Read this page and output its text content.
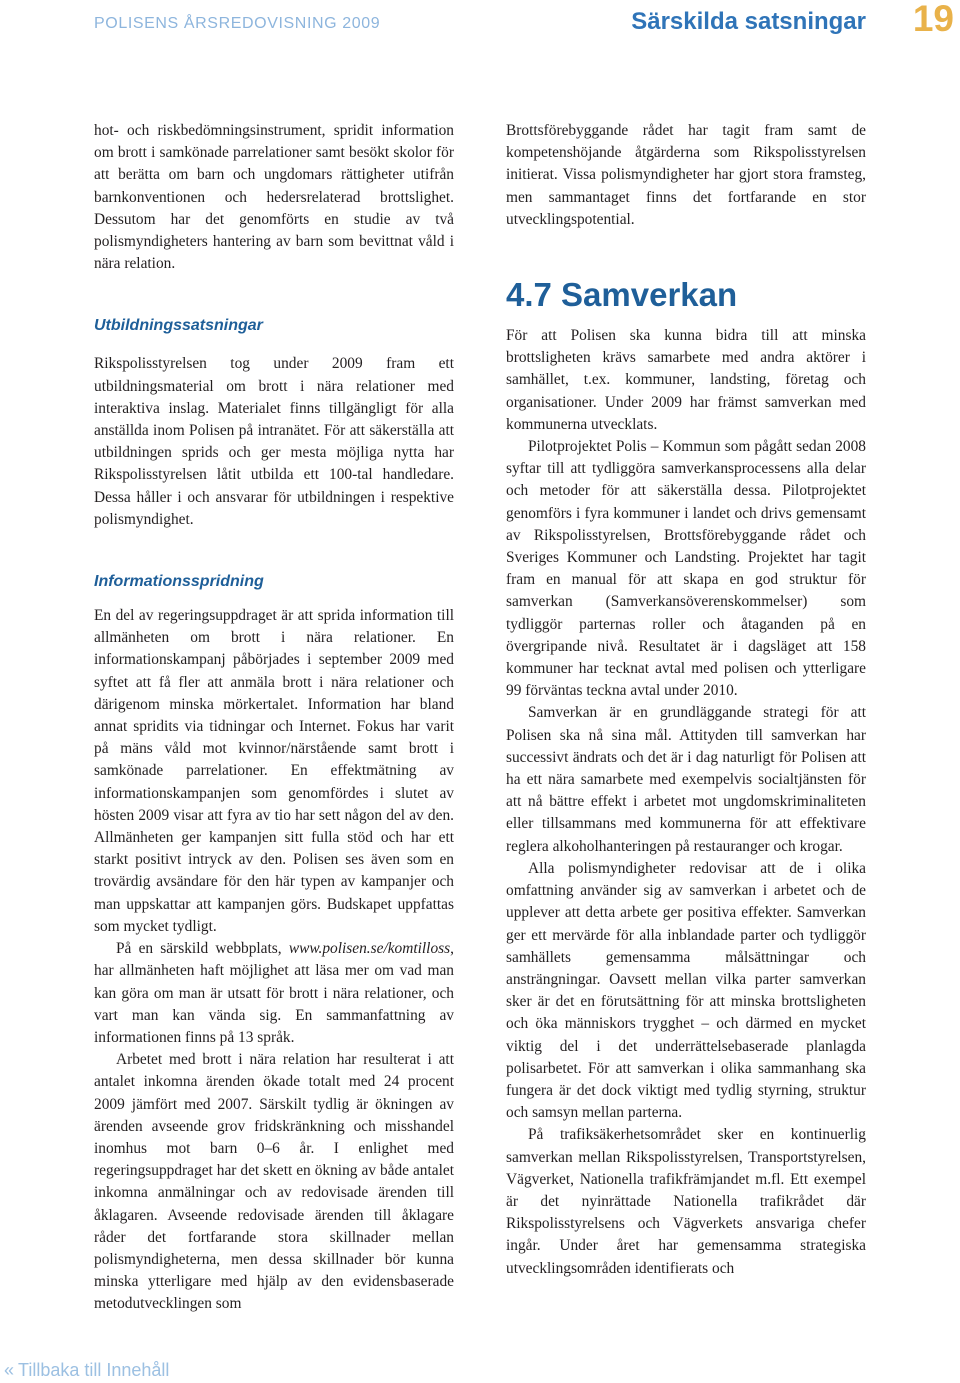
POLISENS ÅRSREDOVISNING 2009	Särskilda satsningar 19

hot- och riskbedömningsinstrument, spridit information om brott i samkönade parrelationer samt besökt skolor för att berätta om barn och ungdomars rättigheter utifrån barnkonventionen och hedersrelaterad brottslighet. Dessutom har det genomförts en studie av två polismyndigheters hantering av barn som bevittnat våld i nära relation.

Utbildningssatsningar

Rikspolisstyrelsen tog under 2009 fram ett utbildningsmaterial om brott i nära relationer med interaktiva inslag. Materialet finns tillgängligt för alla anställda inom Polisen på intranätet. För att säkerställa att utbildningen sprids och ger mesta möjliga nytta har Rikspolisstyrelsen låtit utbilda ett 100-tal handledare. Dessa håller i och ansvarar för utbildningen i respektive polismyndighet.

Informationsspridning

En del av regeringsuppdraget är att sprida information till allmänheten om brott i nära relationer. En informationskampanj påbörjades i september 2009 med syftet att få fler att anmäla brott i nära relationer och därigenom minska mörkertalet. Information har bland annat spridits via tidningar och Internet. Fokus har varit på mäns våld mot kvinnor/närstående samt brott i samkönade parrelationer. En effektmätning av informationskampanjen som genomfördes i slutet av hösten 2009 visar att fyra av tio har sett någon del av den. Allmänheten ger kampanjen sitt fulla stöd och har ett starkt positivt intryck av den. Polisen ses även som en trovärdig avsändare för den här typen av kampanjer och man uppskattar att kampanjen görs. Budskapet uppfattas som mycket tydligt.

På en särskild webbplats, www.polisen.se/komtilloss, har allmänheten haft möjlighet att läsa mer om vad man kan göra om man är utsatt för brott i nära relationer, och vart man kan vända sig. En sammanfattning av informationen finns på 13 språk.

Arbetet med brott i nära relation har resulterat i att antalet inkomna ärenden ökade totalt med 24 procent 2009 jämfört med 2007. Särskilt tydlig är ökningen av ärenden avseende grov fridskränkning och misshandel inomhus mot barn 0–6 år. I enlighet med regeringsuppdraget har det skett en ökning av både antalet inkomna anmälningar och av redovisade ärenden till åklagaren. Avseende redovisade ärenden till åklagare råder det fortfarande stora skillnader mellan polismyndigheterna, men dessa skillnader bör kunna minska ytterligare med hjälp av den evidensbaserade metodutvecklingen som

Brottsförebyggande rådet har tagit fram samt de kompetenshöjande åtgärderna som Rikspolisstyrelsen initierat. Vissa polismyndigheter har gjort stora framsteg, men sammantaget finns det fortfarande en stor utvecklingspotential.

4.7 Samverkan

För att Polisen ska kunna bidra till att minska brottsligheten krävs samarbete med andra aktörer i samhället, t.ex. kommuner, landsting, företag och organisationer. Under 2009 har främst samverkan med kommunerna utvecklats.

Pilotprojektet Polis – Kommun som pågått sedan 2008 syftar till att tydliggöra samverkansprocessens alla delar och metoder för att säkerställa dessa. Pilotprojektet genomförs i fyra kommuner i landet och drivs gemensamt av Rikspolisstyrelsen, Brottsförebyggande rådet och Sveriges Kommuner och Landsting. Projektet har tagit fram en manual för att skapa en god struktur för samverkan (Samverkansöverenskommelser) som tydliggör parternas roller och åtaganden på en övergripande nivå. Resultatet är i dagsläget att 158 kommuner har tecknat avtal med polisen och ytterligare 99 förväntas teckna avtal under 2010.

Samverkan är en grundläggande strategi för att Polisen ska nå sina mål. Attityden till samverkan har successivt ändrats och det är i dag naturligt för Polisen att ha ett nära samarbete med exempelvis socialtjänsten för att nå bättre effekt i arbetet mot ungdomskriminaliteten eller tillsammans med kommunerna för att effektivare reglera alkoholhanteringen på restauranger och krogar.

Alla polismyndigheter redovisar att de i olika omfattning använder sig av samverkan i arbetet och de upplever att detta arbete ger positiva effekter. Samverkan ger ett mervärde för alla inblandade parter och tydliggör samhällets gemensamma målsättningar och ansträngningar. Oavsett mellan vilka parter samverkan sker är det en förutsättning för att minska brottsligheten och öka människors trygghet – och därmed en mycket viktig del i det underrättelsebaserade planlagda polisarbetet. För att samverkan i olika sammanhang ska fungera är det dock viktigt med tydlig styrning, struktur och samsyn mellan parterna.

På trafiksäkerhetsområdet sker en kontinuerlig samverkan mellan Rikspolisstyrelsen, Transportstyrelsen, Vägverket, Nationella trafikfrämjandet m.fl. Ett exempel är det nyinrättade Nationella trafikrådet där Rikspolisstyrelsens och Vägverkets ansvariga chefer ingår. Under året har gemensamma strategiska utvecklingsområden identifierats och

« Tillbaka till Innehåll
